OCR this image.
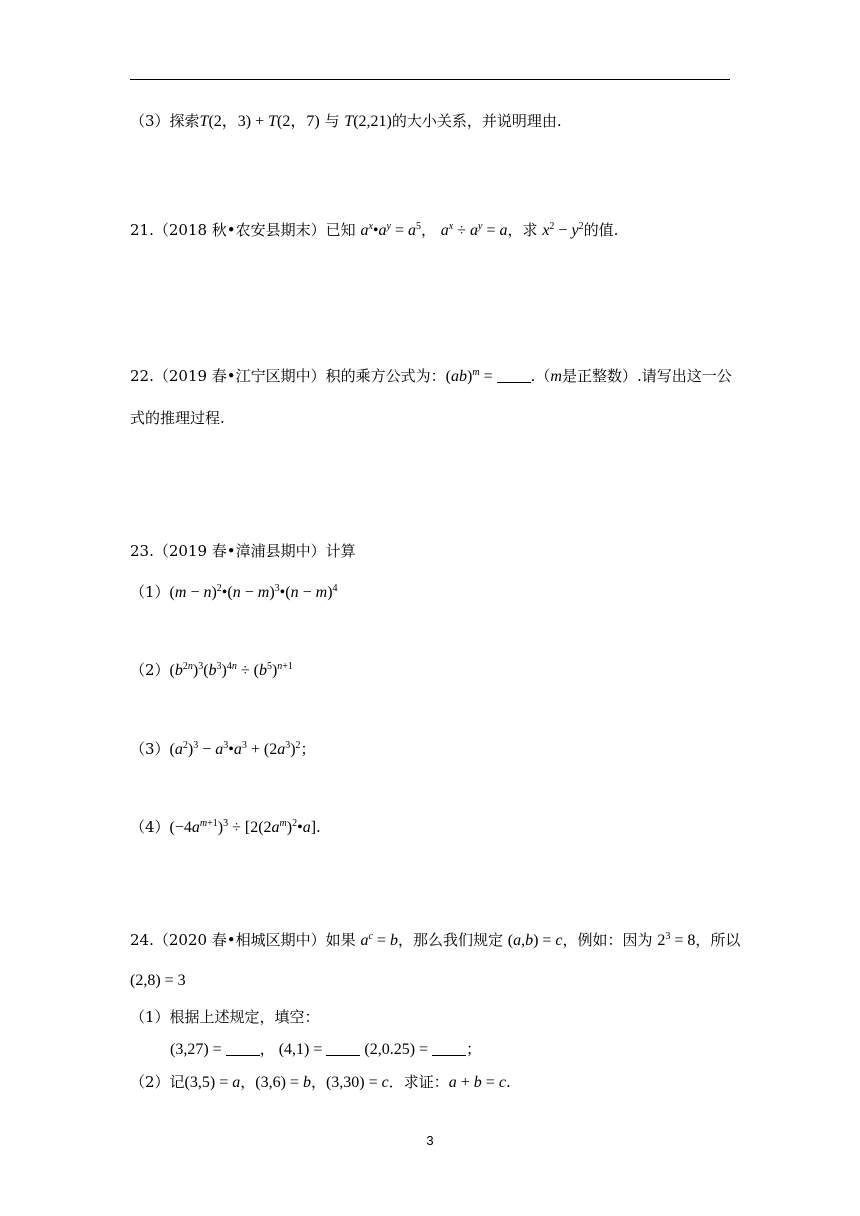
（3）探索T(2，3) + T(2，7) 与 T(2,21)的大小关系，并说明理由.
21.（2018 秋•农安县期末）已知 $a^x•a^y = a^5$， $a^x \div a^y = a$，求 $x^2 - y^2$的值.
22.（2019 春•江宁区期中）积的乘方公式为：(ab)$^m$ = .（m是正整数）.请写出这一公
式的推理过程.
23.（2019 春•漳浦县期中）计算
$(1)(m - n)^2•(n$ − m)$^3$•(n − m)$^4$
$(2)(b^{2n})^3(b^3)^{4n} \div (b^5)^{n+1}$
$(3)(a^2)^3$ − $a^3•a^3 + (2a^3)^2$；
$(4)(-4a^{m+1})^3$ ÷ $[2(2a^m)^2•a]$.
24.（2020 春•相城区期中）如果 $a^c = b$，那么我们规定 (a,b) = c，例如：因为 $2^3 = 8$，所以
(2,8) = 3
（1）根据上述规定，填空：
(3,27) = ， (4,1) =  (2,0.25) = ；
（2）记(3,5) = a，(3,6) = b，(3,30) = c．求证：a + b = c.
3
